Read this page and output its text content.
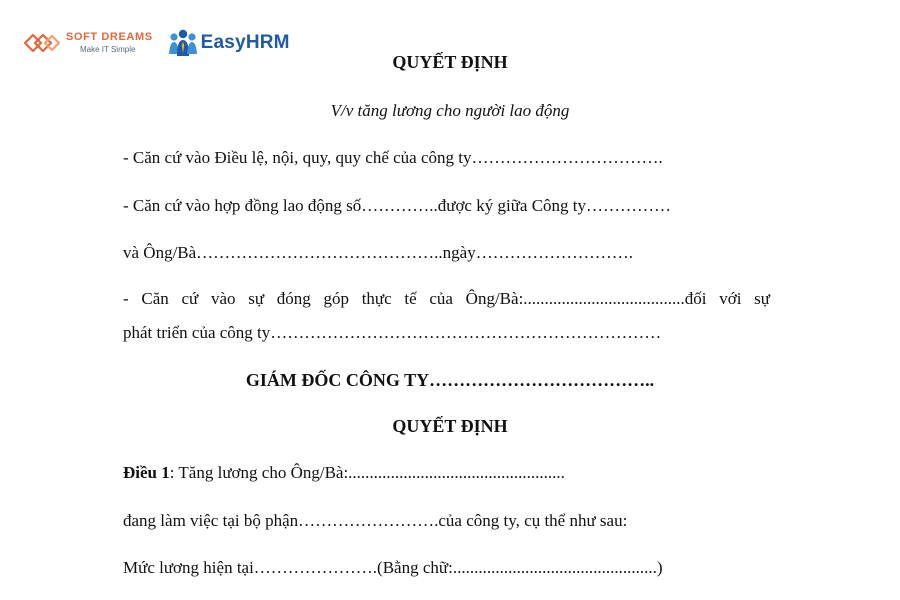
SOFT DREAMS
Make IT Simple	EasyHRM
QUYẾT ĐỊNH
V/v tăng lương cho người lao động
- Căn cứ vào Điều lệ, nội, quy, quy chế của công ty…………………………….
- Căn cứ vào hợp đồng lao động số…………..được ký giữa Công ty……………
và Ông/Bà……………………………………..ngày……………………….
- Căn cứ vào sự đóng góp thực tế của Ông/Bà:......................................đối với sự
phát triển của công ty……………………………………………………………
GIÁM ĐỐC CÔNG TY………………………………..
QUYẾT ĐỊNH
Điều 1: Tăng lương cho Ông/Bà:...................................................
đang làm việc tại bộ phận…………………….của công ty, cụ thể như sau:
Mức lương hiện tại………………….(Bằng chữ:................................................)
